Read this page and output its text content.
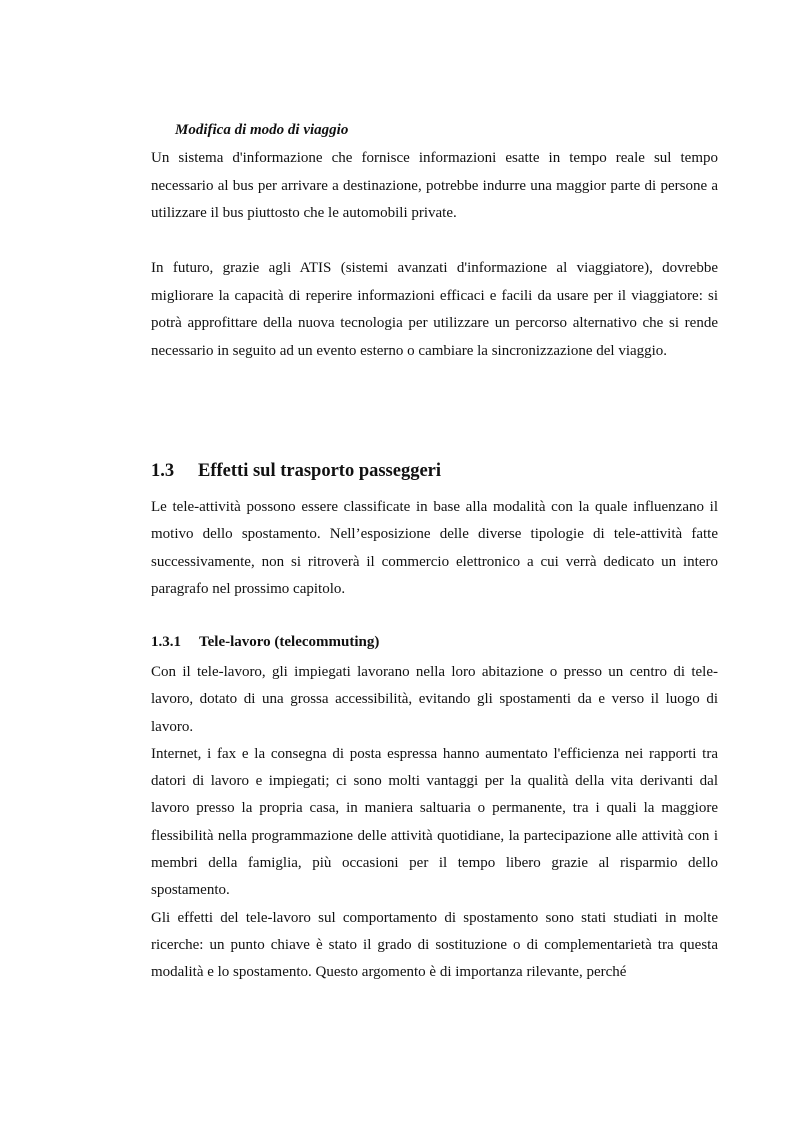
Modifica di modo di viaggio

Un sistema d'informazione che fornisce informazioni esatte in tempo reale sul tempo necessario al bus per arrivare a destinazione, potrebbe indurre una maggior parte di persone a utilizzare il bus piuttosto che le automobili private.

In futuro, grazie agli ATIS (sistemi avanzati d'informazione al viaggiatore), dovrebbe migliorare la capacità di reperire informazioni efficaci e facili da usare per il viaggiatore: si potrà approfittare della nuova tecnologia per utilizzare un percorso alternativo che si rende necessario in seguito ad un evento esterno o cambiare la sincronizzazione del viaggio.

1.3 Effetti sul trasporto passeggeri

Le tele-attività possono essere classificate in base alla modalità con la quale influenzano il motivo dello spostamento. Nell’esposizione delle diverse tipologie di tele-attività fatte successivamente, non si ritroverà il commercio elettronico a cui verrà dedicato un intero paragrafo nel prossimo capitolo.

1.3.1 Tele-lavoro (telecommuting)

Con il tele-lavoro, gli impiegati lavorano nella loro abitazione o presso un centro di tele-lavoro, dotato di una grossa accessibilità, evitando gli spostamenti da e verso il luogo di lavoro.

Internet, i fax e la consegna di posta espressa hanno aumentato l'efficienza nei rapporti tra datori di lavoro e impiegati; ci sono molti vantaggi per la qualità della vita derivanti dal lavoro presso la propria casa, in maniera saltuaria o permanente, tra i quali la maggiore flessibilità nella programmazione delle attività quotidiane, la partecipazione alle attività con i membri della famiglia, più occasioni per il tempo libero grazie al risparmio dello spostamento.

Gli effetti del tele-lavoro sul comportamento di spostamento sono stati studiati in molte ricerche: un punto chiave è stato il grado di sostituzione o di complementarietà tra questa modalità e lo spostamento. Questo argomento è di importanza rilevante, perché
